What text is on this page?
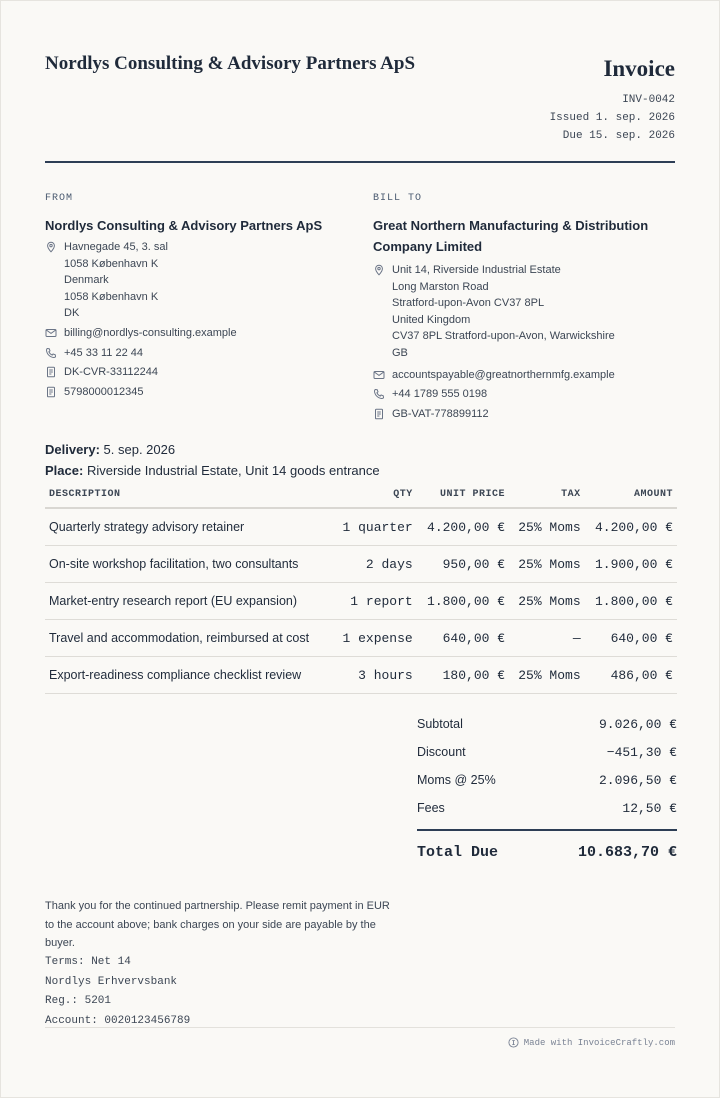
Nordlys Consulting & Advisory Partners ApS	Invoice
INV-0042
Issued 1. sep. 2026
Due 15. sep. 2026
FROM
Nordlys Consulting & Advisory Partners ApS
Havnegade 45, 3. sal
1058 København K
Denmark
1058 København K
DK
billing@nordlys-consulting.example
+45 33 11 22 44
DK-CVR-33112244
5798000012345
BILL TO
Great Northern Manufacturing & Distribution Company Limited
Unit 14, Riverside Industrial Estate
Long Marston Road
Stratford-upon-Avon CV37 8PL
United Kingdom
CV37 8PL Stratford-upon-Avon, Warwickshire
GB
accountspayable@greatnorthernmfg.example
+44 1789 555 0198
GB-VAT-778899112
Delivery: 5. sep. 2026
Place: Riverside Industrial Estate, Unit 14 goods entrance
DESCRIPTION	QTY	UNIT PRICE	TAX	AMOUNT
Quarterly strategy advisory retainer	1 quarter	4.200,00 €	25% Moms	4.200,00 €
On-site workshop facilitation, two consultants	2 days	950,00 €	25% Moms	1.900,00 €
Market-entry research report (EU expansion)	1 report	1.800,00 €	25% Moms	1.800,00 €
Travel and accommodation, reimbursed at cost	1 expense	640,00 €	—	640,00 €
Export-readiness compliance checklist review	3 hours	180,00 €	25% Moms	486,00 €
Subtotal	9.026,00 €
Discount	−451,30 €
Moms @ 25%	2.096,50 €
Fees	12,50 €
Total Due	10.683,70 €
Thank you for the continued partnership. Please remit payment in EUR to the account above; bank charges on your side are payable by the buyer.
Terms: Net 14
Nordlys Erhvervsbank
Reg.: 5201
Account: 0020123456789
Made with InvoiceCraftly.com
